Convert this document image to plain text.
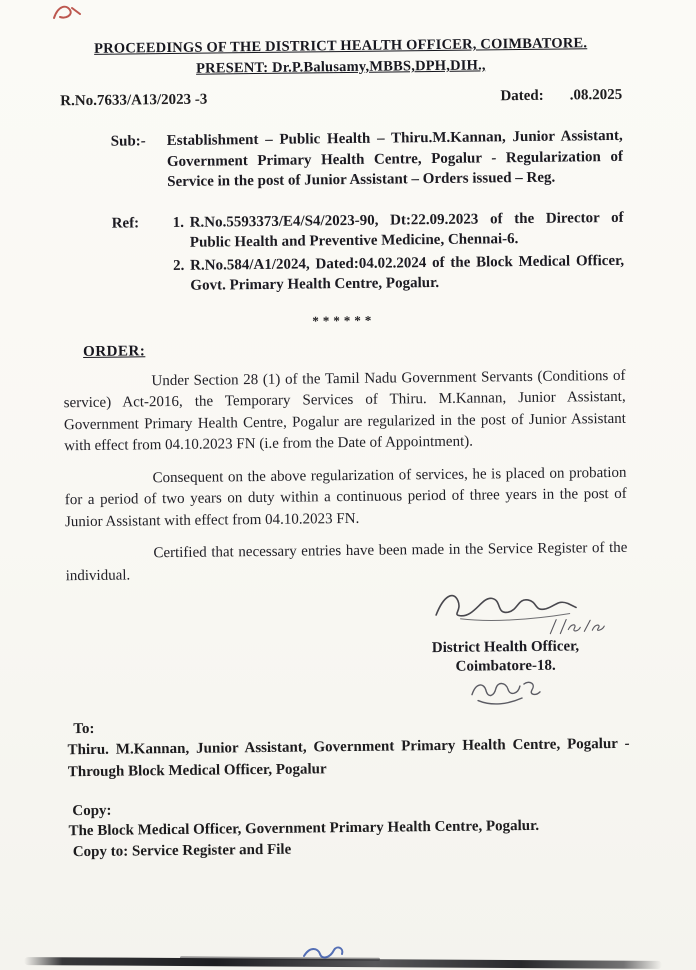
PROCEEDINGS OF THE DISTRICT HEALTH OFFICER, COIMBATORE.
PRESENT: Dr.P.Balusamy,MBBS,DPH,DIH.,
R.No.7633/A13/2023 -3	Dated: .08.2025
Sub:-	Establishment – Public Health – Thiru.M.Kannan, Junior Assistant, Government Primary Health Centre, Pogalur - Regularization of Service in the post of Junior Assistant – Orders issued – Reg.
Ref:	1. R.No.5593373/E4/S4/2023-90, Dt:22.09.2023 of the Director of Public Health and Preventive Medicine, Chennai-6.
2. R.No.584/A1/2024, Dated:04.02.2024 of the Block Medical Officer, Govt. Primary Health Centre, Pogalur.
******
ORDER:

Under Section 28 (1) of the Tamil Nadu Government Servants (Conditions of service) Act-2016, the Temporary Services of Thiru. M.Kannan, Junior Assistant, Government Primary Health Centre, Pogalur are regularized in the post of Junior Assistant with effect from 04.10.2023 FN (i.e from the Date of Appointment).

Consequent on the above regularization of services, he is placed on probation for a period of two years on duty within a continuous period of three years in the post of Junior Assistant with effect from 04.10.2023 FN.

Certified that necessary entries have been made in the Service Register of the individual.

District Health Officer,
Coimbatore-18.
To:
Thiru. M.Kannan, Junior Assistant, Government Primary Health Centre, Pogalur - Through Block Medical Officer, Pogalur
Copy:
The Block Medical Officer, Government Primary Health Centre, Pogalur.
Copy to: Service Register and File
